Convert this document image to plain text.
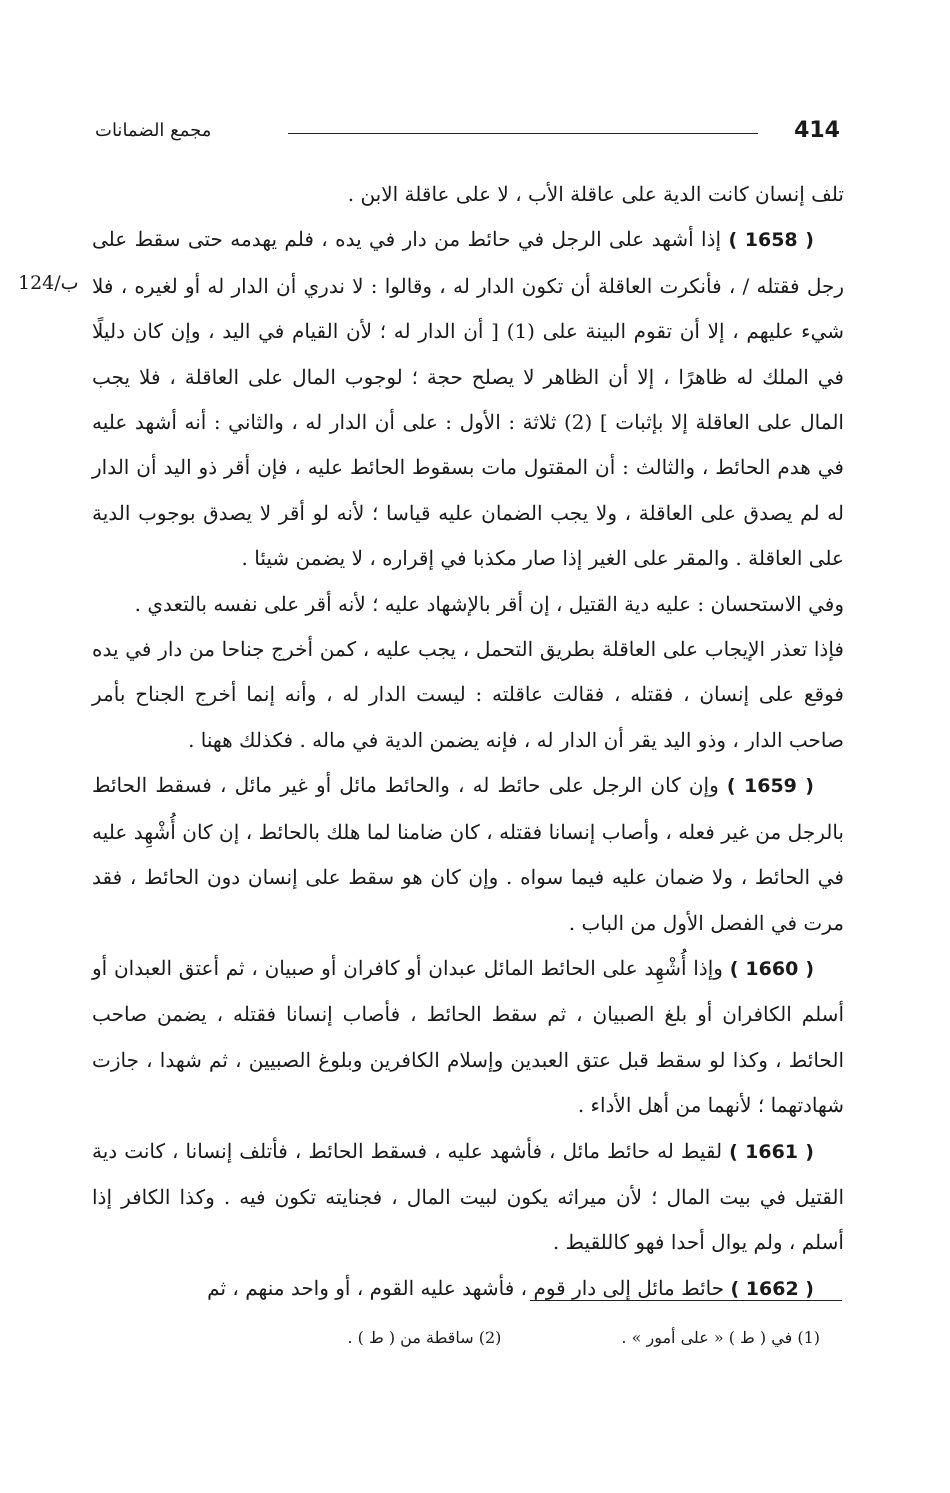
414
مجمع الضمانات
124/ب

تلف إنسان كانت الدية على عاقلة الأب ، لا على عاقلة الابن .

( 1658 ) إذا أشهد على الرجل في حائط من دار في يده ، فلم يهدمه حتى سقط على رجل فقتله / ، فأنكرت العاقلة أن تكون الدار له ، وقالوا : لا ندري أن الدار له أو لغيره ، فلا شيء عليهم ، إلا أن تقوم البينة على (1) [ أن الدار له ؛ لأن القيام في اليد ، وإن كان دليلًا في الملك له ظاهرًا ، إلا أن الظاهر لا يصلح حجة ؛ لوجوب المال على العاقلة ، فلا يجب المال على العاقلة إلا بإثبات ] (2) ثلاثة : الأول : على أن الدار له ، والثاني : أنه أشهد عليه في هدم الحائط ، والثالث : أن المقتول مات بسقوط الحائط عليه ، فإن أقر ذو اليد أن الدار له لم يصدق على العاقلة ، ولا يجب الضمان عليه قياسا ؛ لأنه لو أقر لا يصدق بوجوب الدية على العاقلة . والمقر على الغير إذا صار مكذبا في إقراره ، لا يضمن شيئا .

وفي الاستحسان : عليه دية القتيل ، إن أقر بالإشهاد عليه ؛ لأنه أقر على نفسه بالتعدي .

فإذا تعذر الإيجاب على العاقلة بطريق التحمل ، يجب عليه ، كمن أخرج جناحا من دار في يده فوقع على إنسان ، فقتله ، فقالت عاقلته : ليست الدار له ، وأنه إنما أخرج الجناح بأمر صاحب الدار ، وذو اليد يقر أن الدار له ، فإنه يضمن الدية في ماله . فكذلك ههنا .

( 1659 ) وإن كان الرجل على حائط له ، والحائط مائل أو غير مائل ، فسقط الحائط بالرجل من غير فعله ، وأصاب إنسانا فقتله ، كان ضامنا لما هلك بالحائط ، إن كان أُشْهِد عليه في الحائط ، ولا ضمان عليه فيما سواه . وإن كان هو سقط على إنسان دون الحائط ، فقد مرت في الفصل الأول من الباب .

( 1660 ) وإذا أُشْهِد على الحائط المائل عبدان أو كافران أو صبيان ، ثم أعتق العبدان أو أسلم الكافران أو بلغ الصبيان ، ثم سقط الحائط ، فأصاب إنسانا فقتله ، يضمن صاحب الحائط ، وكذا لو سقط قبل عتق العبدين وإسلام الكافرين وبلوغ الصبيين ، ثم شهدا ، جازت شهادتهما ؛ لأنهما من أهل الأداء .

( 1661 ) لقيط له حائط مائل ، فأشهد عليه ، فسقط الحائط ، فأتلف إنسانا ، كانت دية القتيل في بيت المال ؛ لأن ميراثه يكون لبيت المال ، فجنايته تكون فيه . وكذا الكافر إذا أسلم ، ولم يوال أحدا فهو كاللقيط .

( 1662 ) حائط مائل إلى دار قوم ، فأشهد عليه القوم ، أو واحد منهم ، ثم

(1) في ( ط ) « على أمور » .
(2) ساقطة من ( ط ) .
